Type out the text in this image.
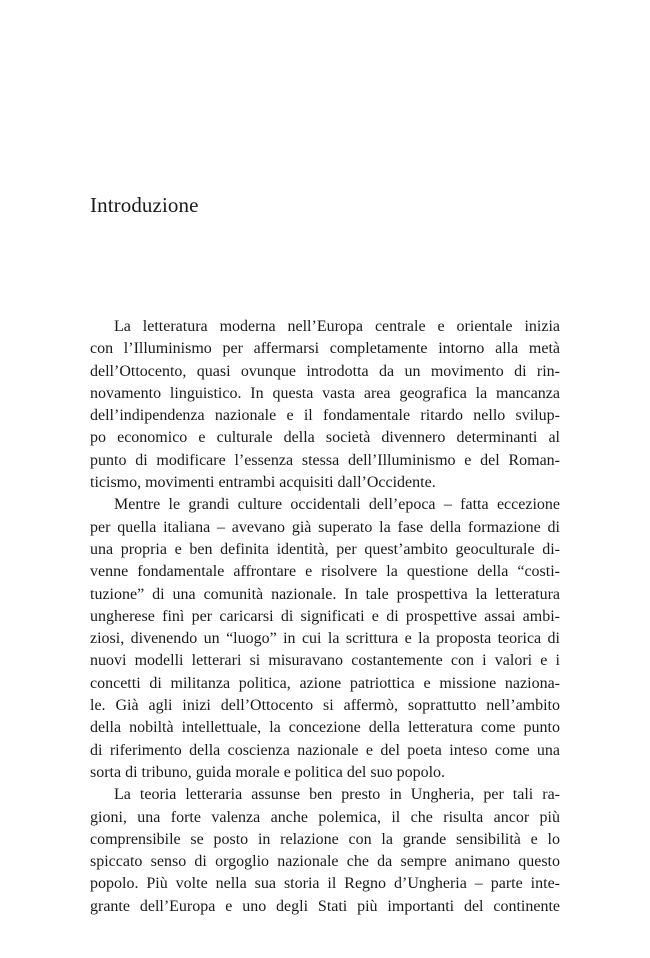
Introduzione
La letteratura moderna nell’Europa centrale e orientale inizia
con l’Illuminismo per affermarsi completamente intorno alla metà
dell’Ottocento, quasi ovunque introdotta da un movimento di rin-
novamento linguistico. In questa vasta area geografica la mancanza
dell’indipendenza nazionale e il fondamentale ritardo nello svilup-
po economico e culturale della società divennero determinanti al
punto di modificare l’essenza stessa dell’Illuminismo e del Roman-
ticismo, movimenti entrambi acquisiti dall’Occidente.
Mentre le grandi culture occidentali dell’epoca – fatta eccezione
per quella italiana – avevano già superato la fase della formazione di
una propria e ben definita identità, per quest’ambito geoculturale di-
venne fondamentale affrontare e risolvere la questione della “costi-
tuzione” di una comunità nazionale. In tale prospettiva la letteratura
ungherese finì per caricarsi di significati e di prospettive assai ambi-
ziosi, divenendo un “luogo” in cui la scrittura e la proposta teorica di
nuovi modelli letterari si misuravano costantemente con i valori e i
concetti di militanza politica, azione patriottica e missione naziona-
le. Già agli inizi dell’Ottocento si affermò, soprattutto nell’ambito
della nobiltà intellettuale, la concezione della letteratura come punto
di riferimento della coscienza nazionale e del poeta inteso come una
sorta di tribuno, guida morale e politica del suo popolo.
La teoria letteraria assunse ben presto in Ungheria, per tali ra-
gioni, una forte valenza anche polemica, il che risulta ancor più
comprensibile se posto in relazione con la grande sensibilità e lo
spiccato senso di orgoglio nazionale che da sempre animano questo
popolo. Più volte nella sua storia il Regno d’Ungheria – parte inte-
grante dell’Europa e uno degli Stati più importanti del continente
